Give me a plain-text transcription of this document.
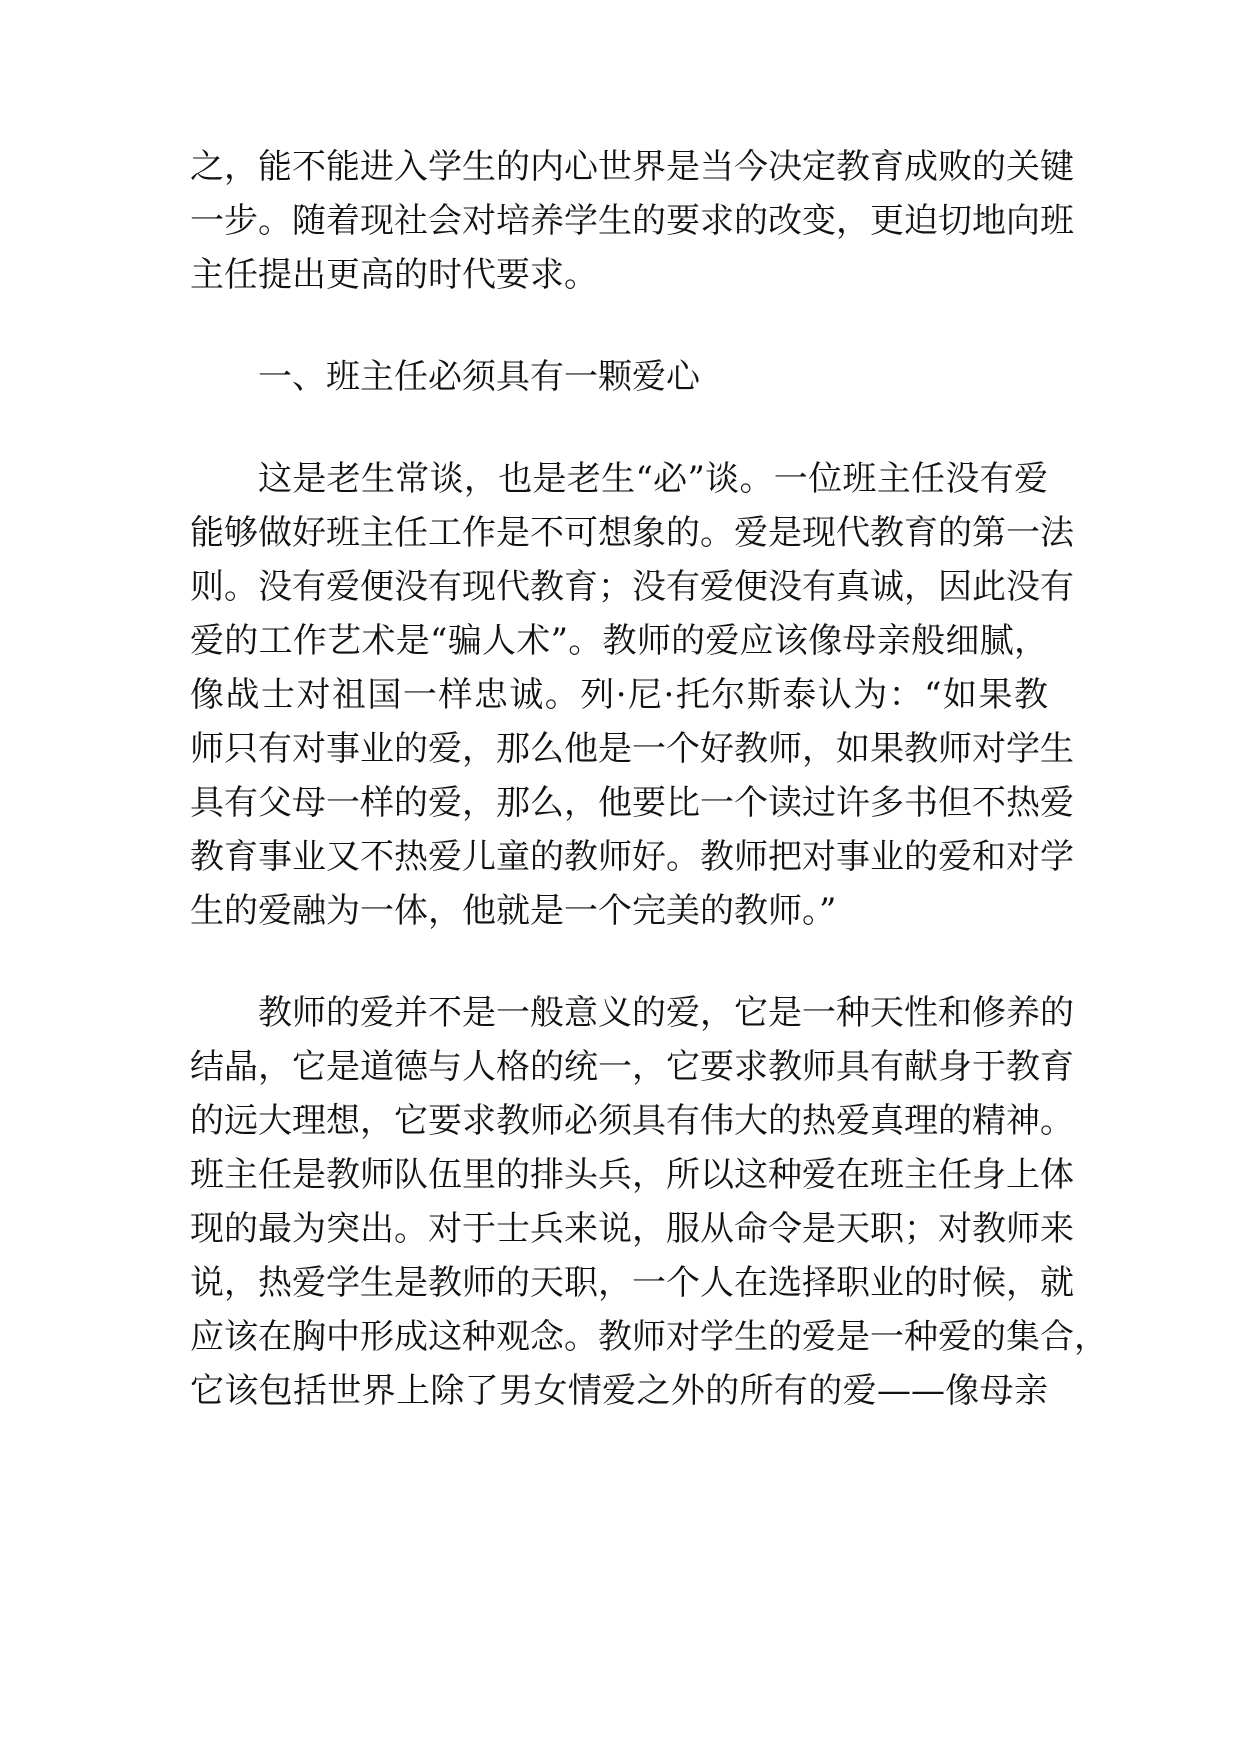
之，能不能进入学生的内心世界是当今决定教育成败的关键
一步。随着现社会对培养学生的要求的改变，更迫切地向班
主任提出更高的时代要求。
一、班主任必须具有一颗爱心
这是老生常谈，也是老生“必”谈。一位班主任没有爱
能够做好班主任工作是不可想象的。爱是现代教育的第一法
则。没有爱便没有现代教育；没有爱便没有真诚，因此没有
爱的工作艺术是“骗人术”。教师的爱应该像母亲般细腻，
像战士对祖国一样忠诚。列·尼·托尔斯泰认为：“如果教
师只有对事业的爱，那么他是一个好教师，如果教师对学生
具有父母一样的爱，那么，他要比一个读过许多书但不热爱
教育事业又不热爱儿童的教师好。教师把对事业的爱和对学
生的爱融为一体，他就是一个完美的教师。”
教师的爱并不是一般意义的爱，它是一种天性和修养的
结晶，它是道德与人格的统一，它要求教师具有献身于教育
的远大理想，它要求教师必须具有伟大的热爱真理的精神。
班主任是教师队伍里的排头兵，所以这种爱在班主任身上体
现的最为突出。对于士兵来说，服从命令是天职；对教师来
说，热爱学生是教师的天职，一个人在选择职业的时候，就
应该在胸中形成这种观念。教师对学生的爱是一种爱的集合，
它该包括世界上除了男女情爱之外的所有的爱——像母亲
